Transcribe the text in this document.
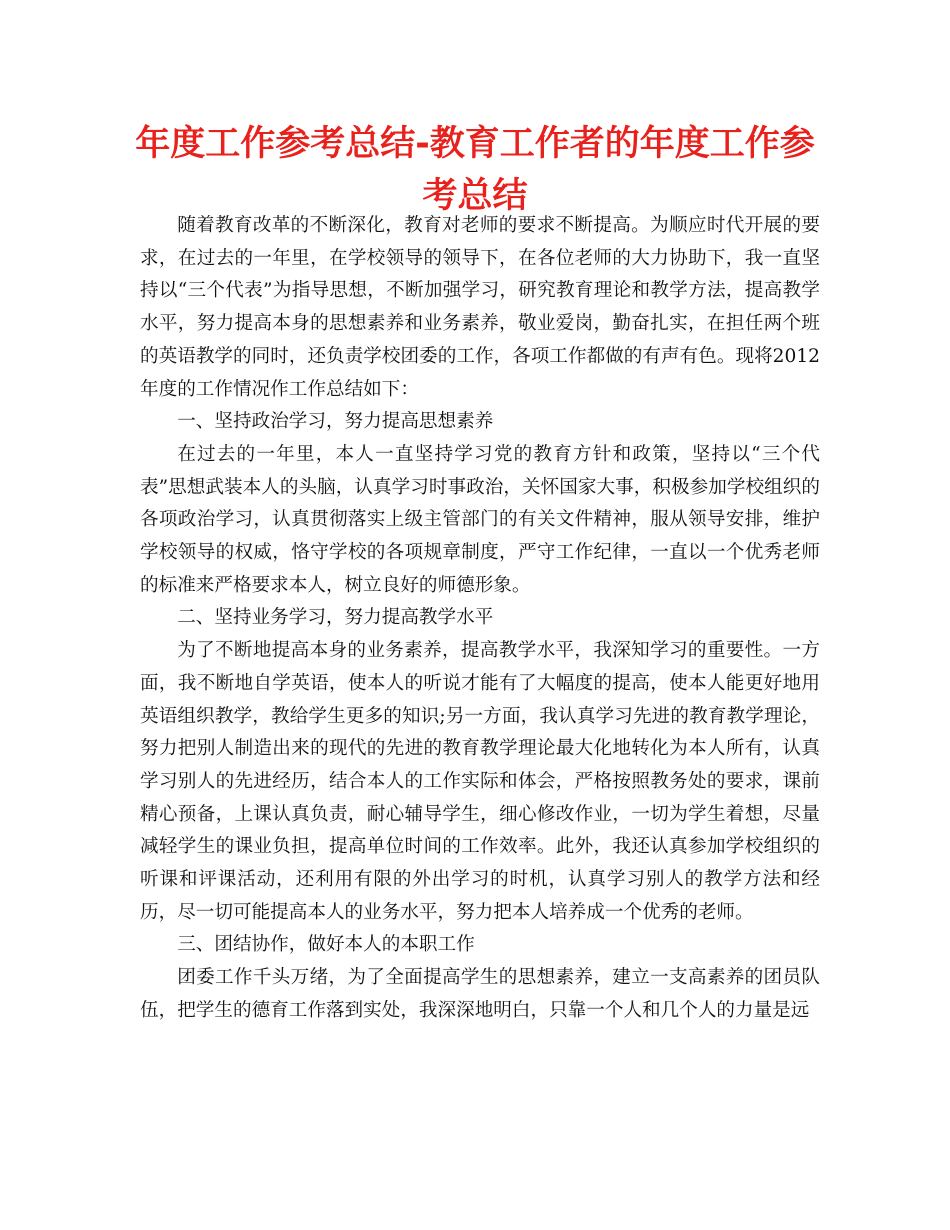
年度工作参考总结-教育工作者的年度工作参考总结

随着教育改革的不断深化，教育对老师的要求不断提高。为顺应时代开展的要求，在过去的一年里，在学校领导的领导下，在各位老师的大力协助下，我一直坚持以“三个代表”为指导思想，不断加强学习，研究教育理论和教学方法，提高教学水平，努力提高本身的思想素养和业务素养，敬业爱岗，勤奋扎实，在担任两个班的英语教学的同时，还负责学校团委的工作，各项工作都做的有声有色。现将2012年度的工作情况作工作总结如下：

一、坚持政治学习，努力提高思想素养

在过去的一年里，本人一直坚持学习党的教育方针和政策，坚持以“三个代表”思想武装本人的头脑，认真学习时事政治，关怀国家大事，积极参加学校组织的各项政治学习，认真贯彻落实上级主管部门的有关文件精神，服从领导安排，维护学校领导的权威，恪守学校的各项规章制度，严守工作纪律，一直以一个优秀老师的标准来严格要求本人，树立良好的师德形象。

二、坚持业务学习，努力提高教学水平

为了不断地提高本身的业务素养，提高教学水平，我深知学习的重要性。一方面，我不断地自学英语，使本人的听说才能有了大幅度的提高，使本人能更好地用英语组织教学，教给学生更多的知识;另一方面，我认真学习先进的教育教学理论，努力把别人制造出来的现代的先进的教育教学理论最大化地转化为本人所有，认真学习别人的先进经历，结合本人的工作实际和体会，严格按照教务处的要求，课前精心预备，上课认真负责，耐心辅导学生，细心修改作业，一切为学生着想，尽量减轻学生的课业负担，提高单位时间的工作效率。此外，我还认真参加学校组织的听课和评课活动，还利用有限的外出学习的时机，认真学习别人的教学方法和经历，尽一切可能提高本人的业务水平，努力把本人培养成一个优秀的老师。

三、团结协作，做好本人的本职工作

团委工作千头万绪，为了全面提高学生的思想素养，建立一支高素养的团员队伍，把学生的德育工作落到实处，我深深地明白，只靠一个人和几个人的力量是远
